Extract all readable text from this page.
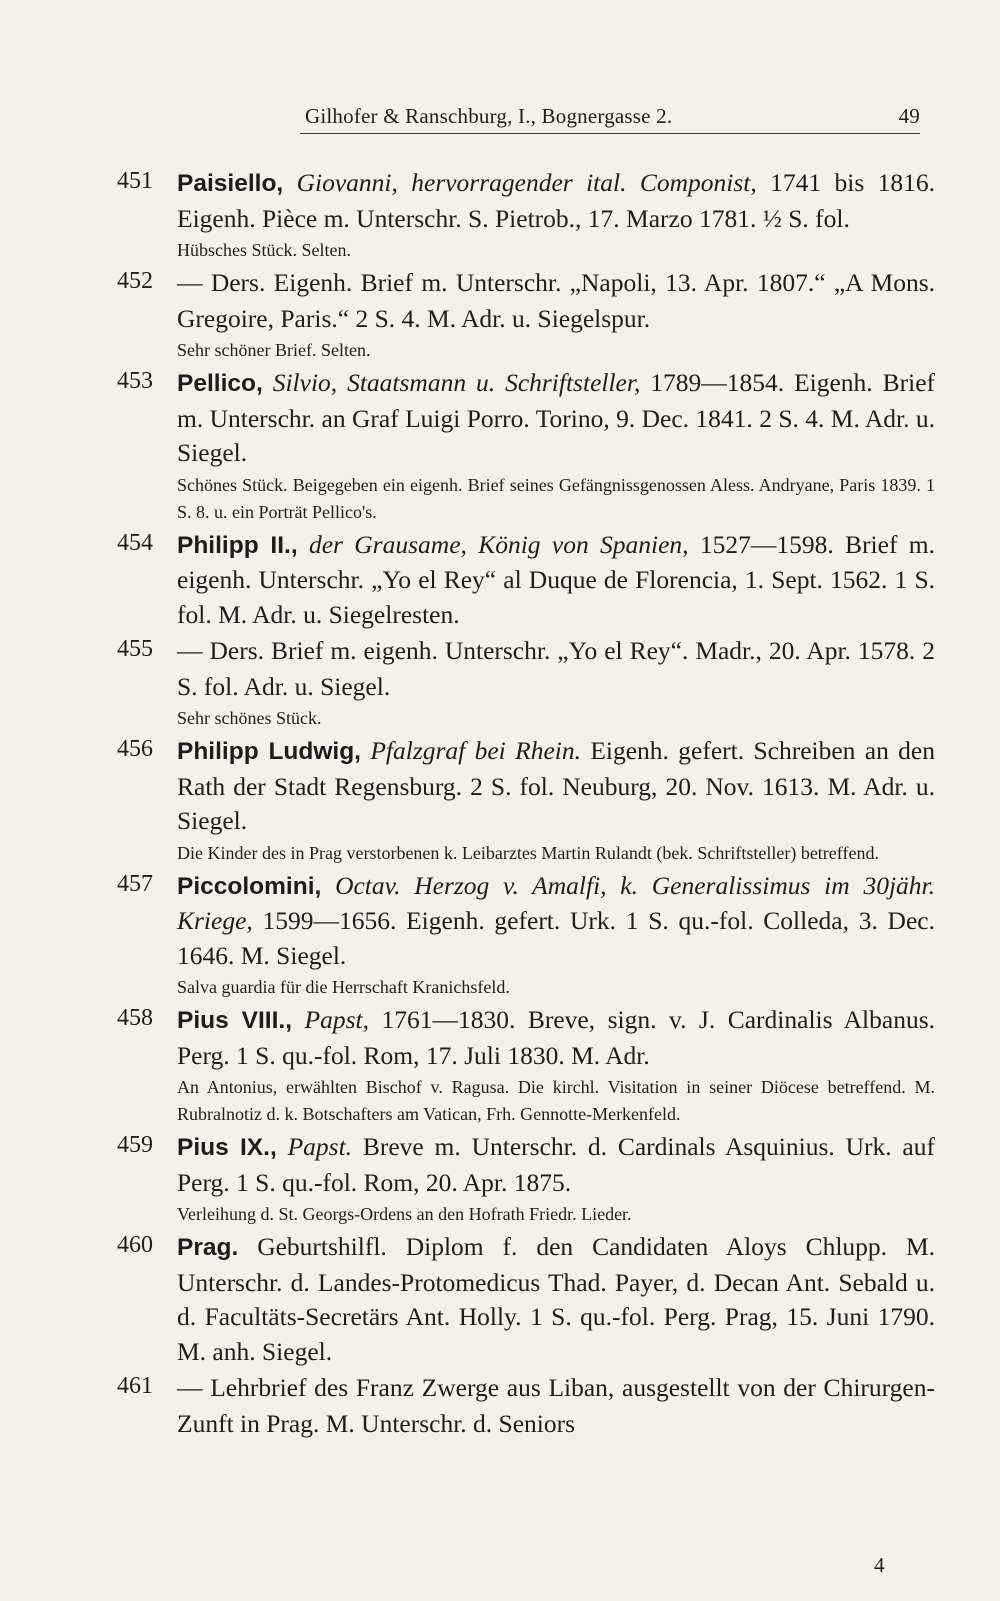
Gilhofer & Ranschburg, I., Bognergasse 2.	49
451 Paisiello, Giovanni, hervorragender ital. Componist, 1741 bis 1816. Eigenh. Pièce m. Unterschr. S. Pietrob., 17. Marzo 1781. ½ S. fol.
Hübsches Stück. Selten.
452 — Ders. Eigenh. Brief m. Unterschr. „Napoli, 13. Apr. 1807.“ „A Mons. Gregoire, Paris.“ 2 S. 4. M. Adr. u. Siegelspur.
Sehr schöner Brief. Selten.
453 Pellico, Silvio, Staatsmann u. Schriftsteller, 1789—1854. Eigenh. Brief m. Unterschr. an Graf Luigi Porro. Torino, 9. Dec. 1841. 2 S. 4. M. Adr. u. Siegel.
Schönes Stück. Beigegeben ein eigenh. Brief seines Gefängnissgenossen Aless. Andryane, Paris 1839. 1 S. 8. u. ein Porträt Pellico's.
454 Philipp II., der Grausame, König von Spanien, 1527—1598. Brief m. eigenh. Unterschr. „Yo el Rey“ al Duque de Florencia, 1. Sept. 1562. 1 S. fol. M. Adr. u. Siegelresten.
455 — Ders. Brief m. eigenh. Unterschr. „Yo el Rey“. Madr., 20. Apr. 1578. 2 S. fol. Adr. u. Siegel.
Sehr schönes Stück.
456 Philipp Ludwig, Pfalzgraf bei Rhein. Eigenh. gefert. Schreiben an den Rath der Stadt Regensburg. 2 S. fol. Neuburg, 20. Nov. 1613. M. Adr. u. Siegel.
Die Kinder des in Prag verstorbenen k. Leibarztes Martin Rulandt (bek. Schriftsteller) betreffend.
457 Piccolomini, Octav. Herzog v. Amalfi, k. Generalissimus im 30jähr. Kriege, 1599—1656. Eigenh. gefert. Urk. 1 S. qu.-fol. Colleda, 3. Dec. 1646. M. Siegel.
Salva guardia für die Herrschaft Kranichsfeld.
458 Pius VIII., Papst, 1761—1830. Breve, sign. v. J. Cardinalis Albanus. Perg. 1 S. qu.-fol. Rom, 17. Juli 1830. M. Adr.
An Antonius, erwählten Bischof v. Ragusa. Die kirchl. Visitation in seiner Diöcese betreffend. M. Rubralnotiz d. k. Botschafters am Vatican, Frh. Gennotte-Merkenfeld.
459 Pius IX., Papst. Breve m. Unterschr. d. Cardinals Asquinius. Urk. auf Perg. 1 S. qu.-fol. Rom, 20. Apr. 1875.
Verleihung d. St. Georgs-Ordens an den Hofrath Friedr. Lieder.
460 Prag. Geburtshilfl. Diplom f. den Candidaten Aloys Chlupp. M. Unterschr. d. Landes-Protomedicus Thad. Payer, d. Decan Ant. Sebald u. d. Facultäts-Secretärs Ant. Holly. 1 S. qu.-fol. Perg. Prag, 15. Juni 1790. M. anh. Siegel.
461 — Lehrbrief des Franz Zwerge aus Liban, ausgestellt von der Chirurgen-Zunft in Prag. M. Unterschr. d. Seniors
4
